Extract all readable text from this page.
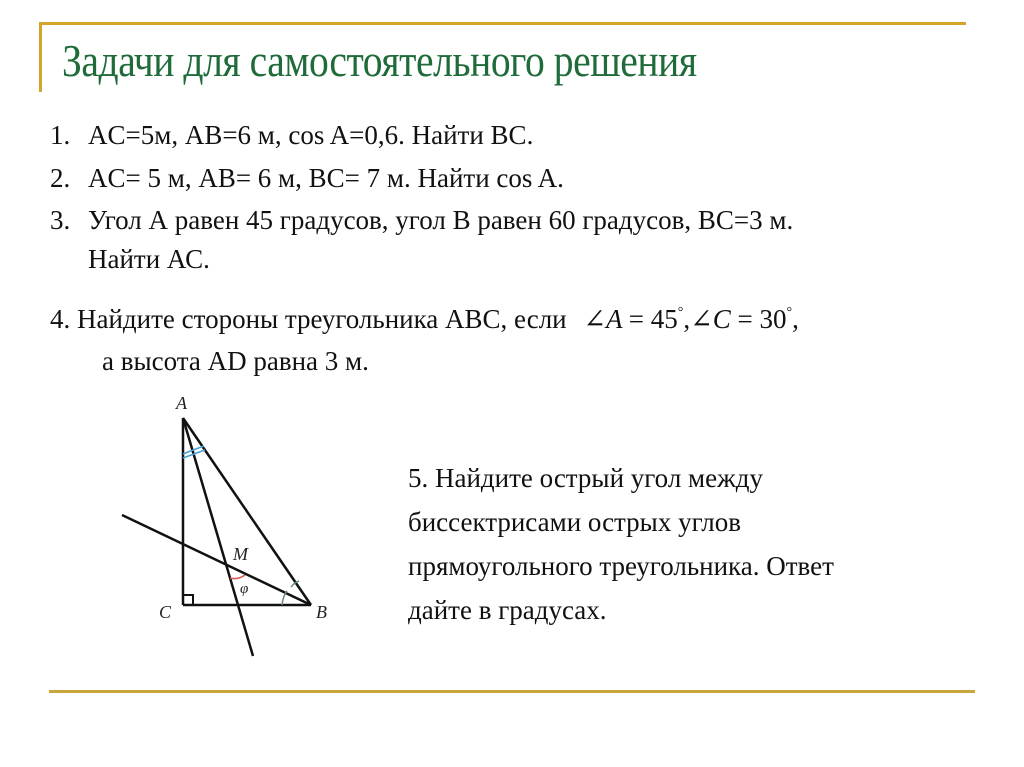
Задачи для самостоятельного решения
1. AC=5м, AB=6 м, cos A=0,6. Найти BC.
2. AC= 5 м, AB= 6 м, BC= 7 м. Найти cos A.
3. Угол А равен 45 градусов, угол В равен 60 градусов, ВС=3 м.
Найти АС.
4. Найдите стороны треугольника АВС, если ∠A = 45°,∠C = 30°,
а высота AD равна 3 м.
5. Найдите острый угол между
биссектрисами острых углов
прямоугольного треугольника. Ответ
дайте в градусах.
A
C	B
M
φ
